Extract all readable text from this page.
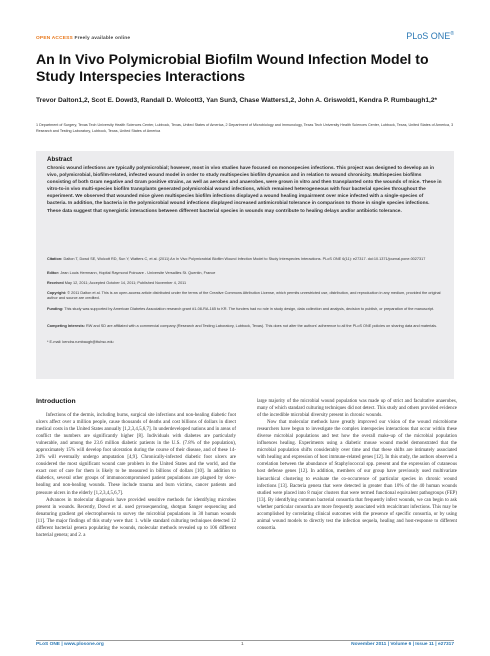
OPEN ACCESS Freely available online	PLoS ONE®
An In Vivo Polymicrobial Biofilm Wound Infection Model to Study Interspecies Interactions
Trevor Dalton1,2, Scot E. Dowd3, Randall D. Wolcott3, Yan Sun3, Chase Watters1,2, John A. Griswold1, Kendra P. Rumbaugh1,2*
1 Department of Surgery, Texas Tech University Health Sciences Center, Lubbock, Texas, United States of America, 2 Department of Microbiology and Immunology, Texas Tech University Health Sciences Center, Lubbock, Texas, United States of America, 3 Research and Testing Laboratory, Lubbock, Texas, United States of America
Abstract
Chronic wound infections are typically polymicrobial; however, most in vivo studies have focused on monospecies infections. This project was designed to develop an in vivo, polymicrobial, biofilm-related, infected wound model in order to study multispecies biofilm dynamics and in relation to wound chronicity. Multispecies biofilms consisting of both Gram negative and Gram positive strains, as well as aerobes and anaerobes, were grown in vitro and then transplanted onto the wounds of mice. These in vitro-to-in vivo multi-species biofilm transplants generated polymicrobial wound infections, which remained heterogeneous with four bacterial species throughout the experiment. We observed that wounded mice given multispecies biofilm infections displayed a wound healing impairment over mice infected with a single-species of bacteria. In addition, the bacteria in the polymicrobial wound infections displayed increased antimicrobial tolerance in comparison to those in single species infections. These data suggest that synergistic interactions between different bacterial species in wounds may contribute to healing delays and/or antibiotic tolerance.
Citation: Dalton T, Dowd SE, Wolcott RD, Sun Y, Watters C, et al. (2011) An In Vivo Polymicrobial Biofilm Wound Infection Model to Study Interspecies Interactions. PLoS ONE 6(11): e27317. doi:10.1371/journal.pone.0027317
Editor: Jean Louis Herrmann, Hopital Raymond Poincare - Universite Versailles St. Quentin, France
Received May 12, 2011; Accepted October 14, 2011; Published November 4, 2011
Copyright: © 2011 Dalton et al. This is an open-access article distributed under the terms of the Creative Commons Attribution License, which permits unrestricted use, distribution, and reproduction in any medium, provided the original author and source are credited.
Funding: This study was supported by American Diabetes Association research grant #1-08-RA-165 to KR. The funders had no role in study design, data collection and analysis, decision to publish, or preparation of the manuscript.
Competing Interests: RW and SD are affiliated with a commercial company (Research and Testing Laboratory, Lubbock, Texas). This does not alter the authors' adherence to all the PLoS ONE policies on sharing data and materials.
* E-mail: kendra.rumbaugh@ttuhsc.edu
Introduction

Infections of the dermis, including burns, surgical site infections and non-healing diabetic foot ulcers affect over a million people, cause thousands of deaths and cost billions of dollars in direct medical costs in the United States annually [1,2,3,4,5,6,7]. In underdeveloped nations and in areas of conflict the numbers are significantly higher [8]. Individuals with diabetes are particularly vulnerable, and among the 23.6 million diabetic patients in the U.S. (7.8% of the population), approximately 15% will develop foot ulceration during the course of their disease, and of these 14-24% will eventually undergo amputation [4,9]. Chronically-infected diabetic foot ulcers are considered the most significant wound care problem in the United States and the world, and the exact cost of care for them is likely to be measured in billions of dollars [10]. In addition to diabetics, several other groups of immunocompromised patient populations are plagued by slow-healing and non-healing wounds. These include trauma and burn victims, cancer patients and pressure ulcers in the elderly [1,2,3,4,5,6,7].

Advances in molecular diagnosis have provided sensitive methods for identifying microbes present in wounds. Recently, Dowd et al. used pyrosequencing, shotgun Sanger sequencing and denaturing gradient gel electrophoresis to survey the microbial populations in 30 human wounds [11]. The major findings of this study were that: 1. while standard culturing techniques detected 12 different bacterial genera populating the wounds, molecular methods revealed up to 106 different bacterial genera; and 2. a

large majority of the microbial wound population was made up of strict and facultative anaerobes, many of which standard culturing techniques did not detect. This study and others provided evidence of the incredible microbial diversity present in chronic wounds.

Now that molecular methods have greatly improved our vision of the wound microbiome researchers have begun to investigate the complex interspecies interactions that occur within these diverse microbial populations and test how the overall make-up of the microbial population influences healing. Experiments using a diabetic mouse wound model demonstrated that the microbial population shifts considerably over time and that these shifts are intimately associated with healing and expression of host immune-related genes [12]. In this study, the authors observed a correlation between the abundance of Staphylococcal spp. present and the expression of cutaneous host defense genes [12]. In addition, members of our group have previously used multivariate hierarchical clustering to evaluate the co-occurrence of particular species in chronic wound infections [13]. Bacteria genera that were detected in greater than 10% of the 40 human wounds studied were placed into 8 major clusters that were termed functional equivalent pathogroups (FEP) [13]. By identifying common bacterial consortia that frequently infect wounds, we can begin to ask whether particular consortia are more frequently associated with recalcitrant infections. This may be accomplished by correlating clinical outcomes with the presence of specific consortia, or by using animal wound models to directly test the infection sequela, healing and host-response to different consortia.

PLoS ONE | www.plosone.org	1	November 2011 | Volume 6 | Issue 11 | e27317
